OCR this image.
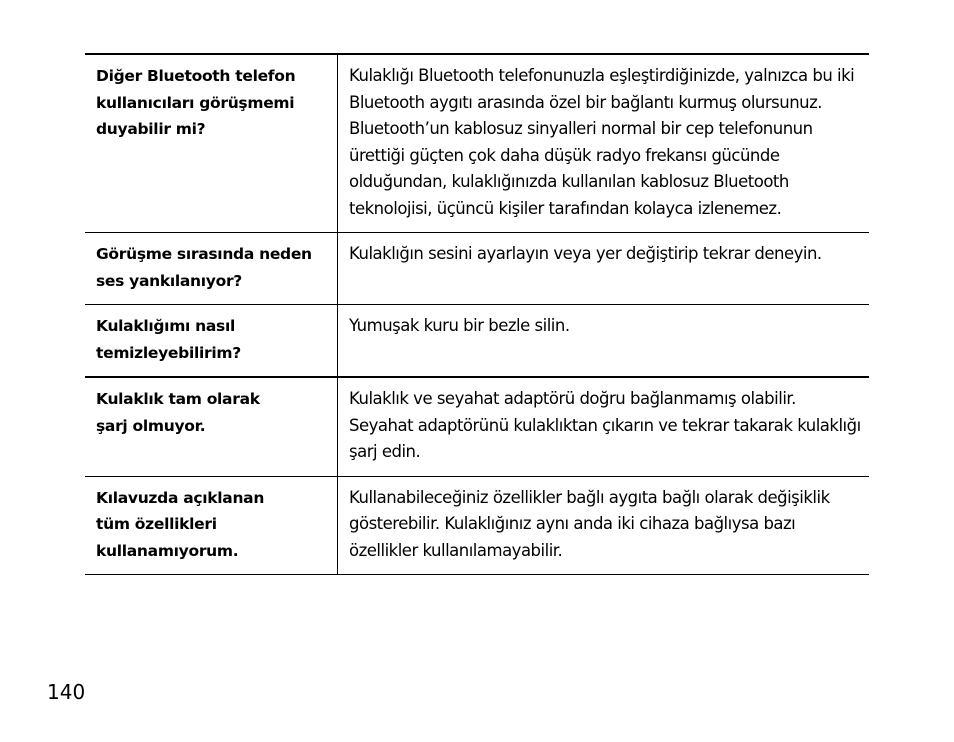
Diğer Bluetooth telefon kullanıcıları görüşmemi duyabilir mi?
Kulaklığı Bluetooth telefonunuzla eşleştirdiğinizde, yalnızca bu iki Bluetooth aygıtı arasında özel bir bağlantı kurmuş olursunuz. Bluetooth’un kablosuz sinyalleri normal bir cep telefonunun ürettiği güçten çok daha düşük radyo frekansı gücünde olduğundan, kulaklığınızda kullanılan kablosuz Bluetooth teknolojisi, üçüncü kişiler tarafından kolayca izlenemez.
Görüşme sırasında neden ses yankılanıyor?
Kulaklığın sesini ayarlayın veya yer değiştirip tekrar deneyin.
Kulaklığımı nasıl temizleyebilirim?
Yumuşak kuru bir bezle silin.
Kulaklık tam olarak şarj olmuyor.
Kulaklık ve seyahat adaptörü doğru bağlanmamış olabilir.
Seyahat adaptörünü kulaklıktan çıkarın ve tekrar takarak kulaklığı şarj edin.
Kılavuzda açıklanan tüm özellikleri kullanamıyorum.
Kullanabileceğiniz özellikler bağlı aygıta bağlı olarak değişiklik gösterebilir. Kulaklığınız aynı anda iki cihaza bağlıysa bazı özellikler kullanılamayabilir.
140
